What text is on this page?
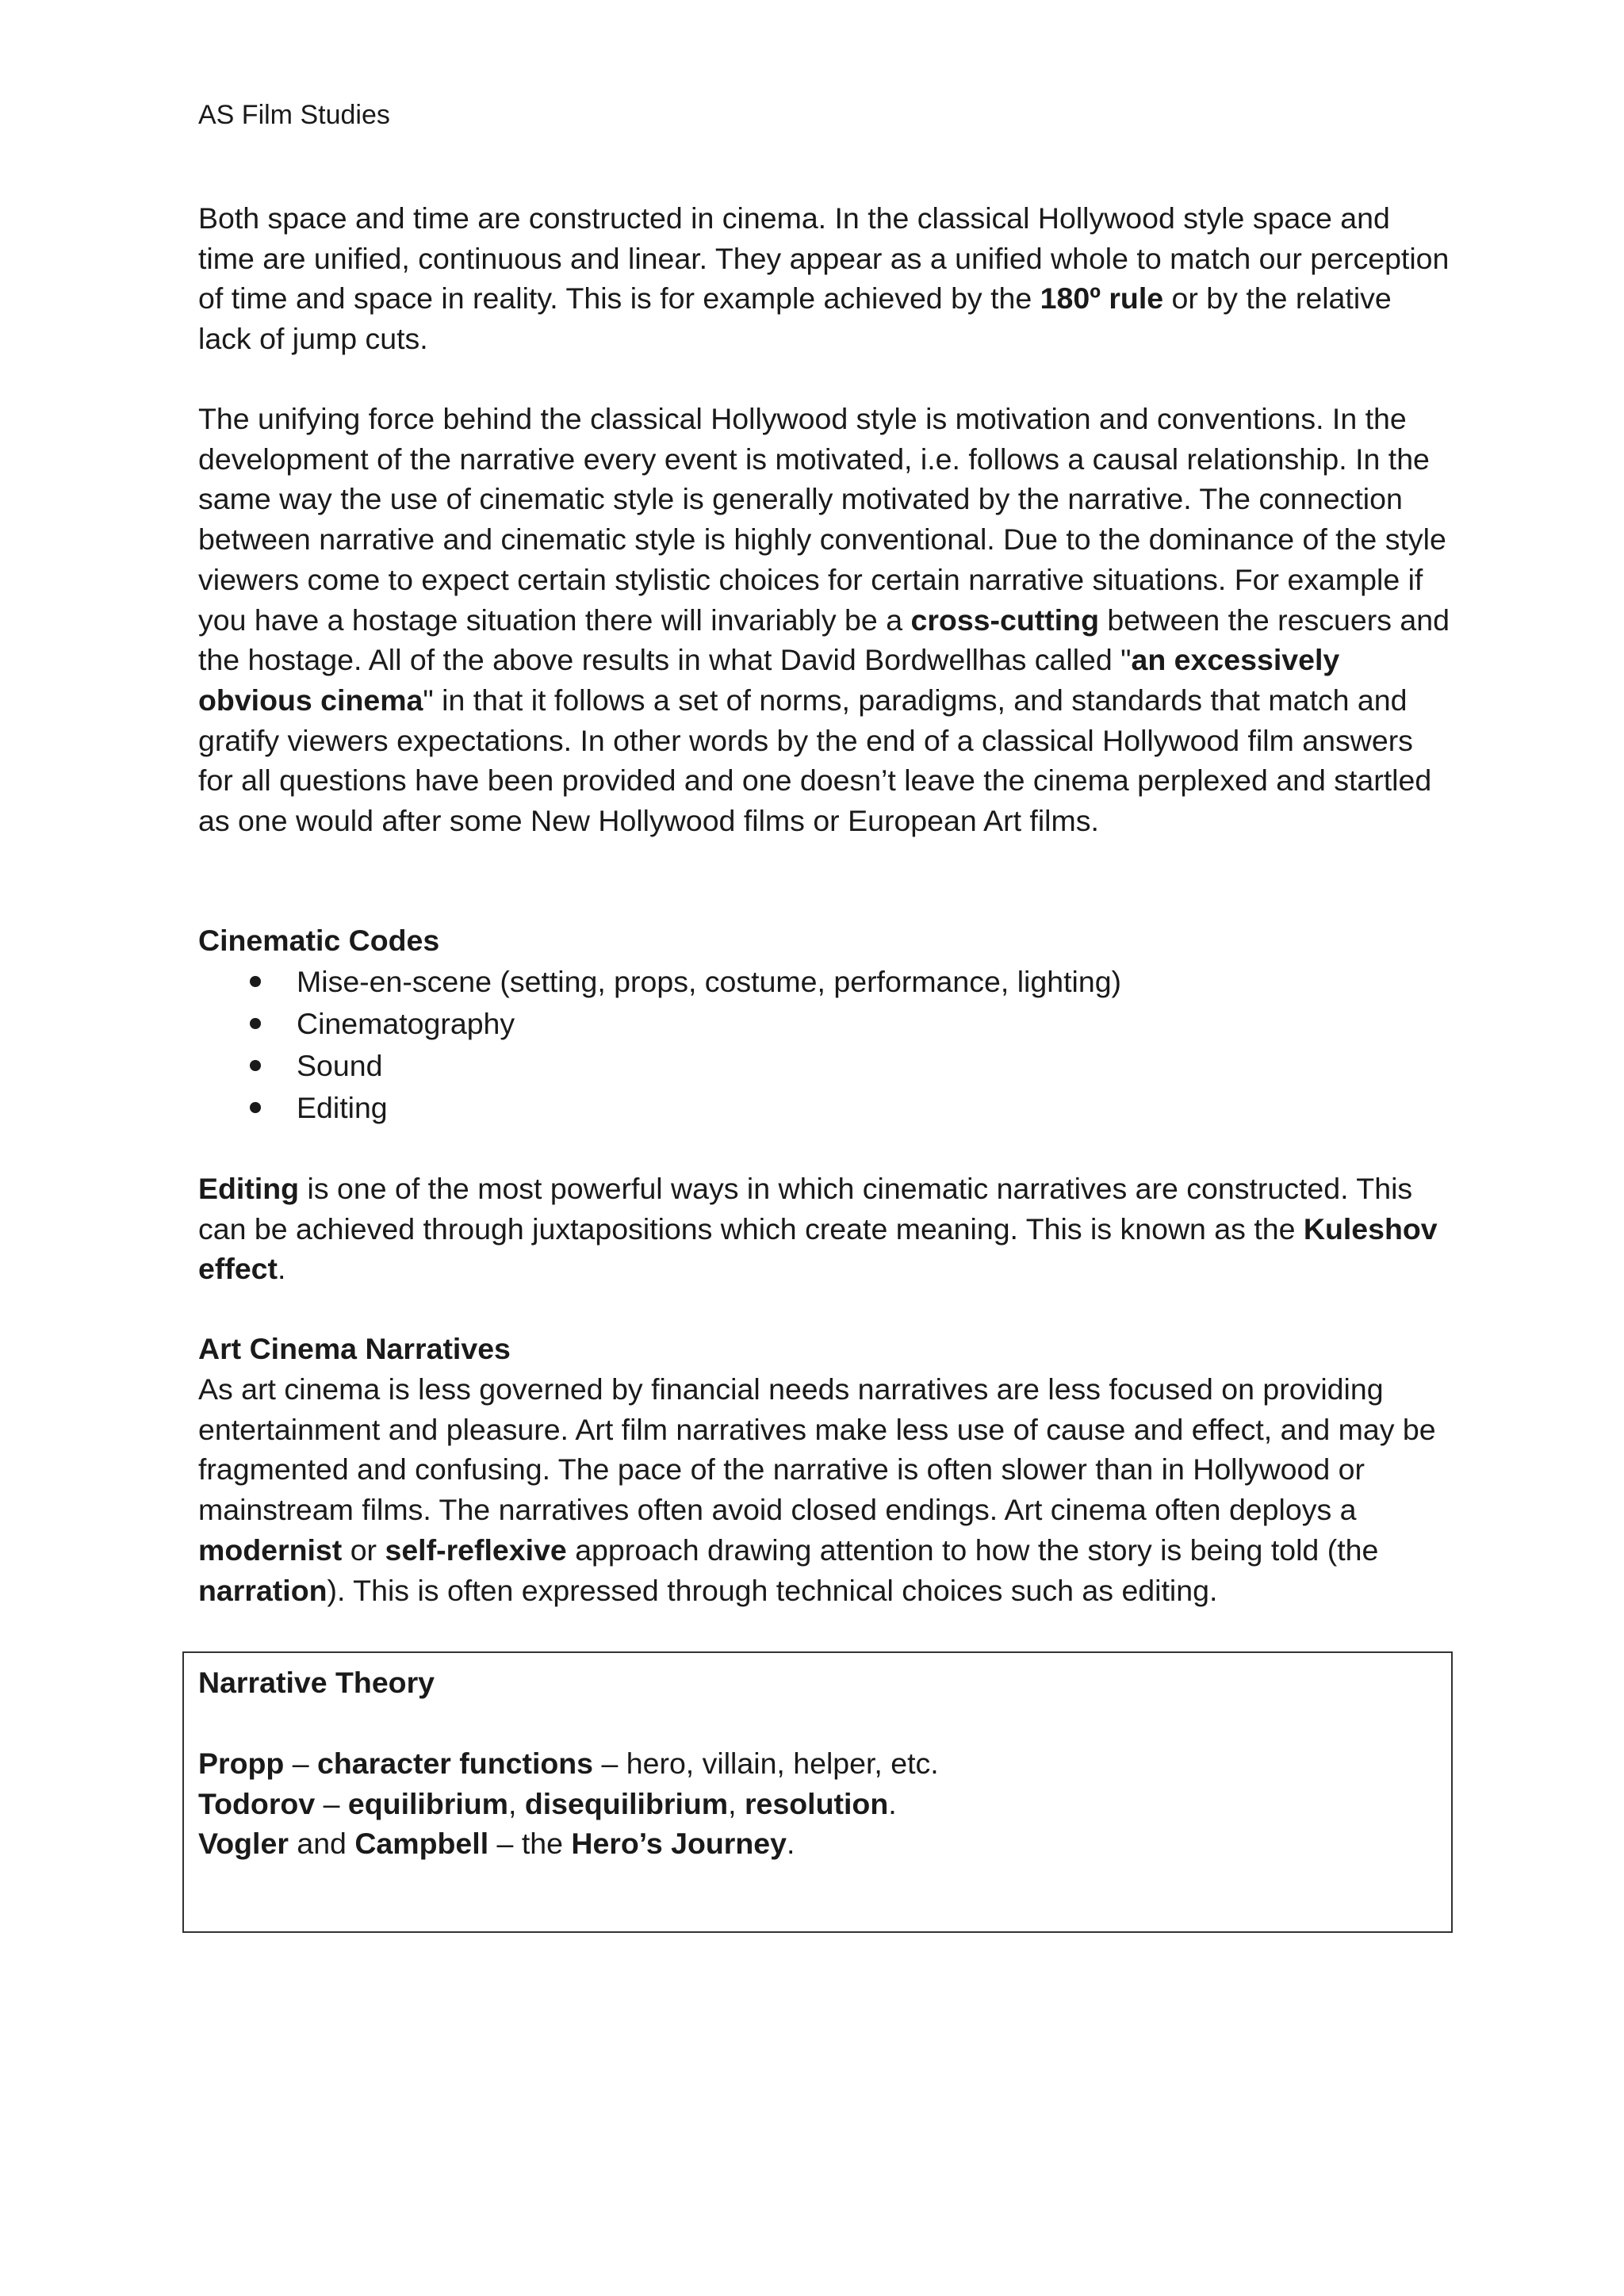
AS Film Studies

Both space and time are constructed in cinema. In the classical Hollywood style space and time are unified, continuous and linear. They appear as a unified whole to match our perception of time and space in reality. This is for example achieved by the 180º rule or by the relative lack of jump cuts.

The unifying force behind the classical Hollywood style is motivation and conventions. In the development of the narrative every event is motivated, i.e. follows a causal relationship. In the same way the use of cinematic style is generally motivated by the narrative. The connection between narrative and cinematic style is highly conventional. Due to the dominance of the style viewers come to expect certain stylistic choices for certain narrative situations. For example if you have a hostage situation there will invariably be a cross-cutting between the rescuers and the hostage. All of the above results in what David Bordwellhas called "an excessively obvious cinema" in that it follows a set of norms, paradigms, and standards that match and gratify viewers expectations. In other words by the end of a classical Hollywood film answers for all questions have been provided and one doesn’t leave the cinema perplexed and startled as one would after some New Hollywood films or European Art films.

Cinematic Codes

Mise-en-scene (setting, props, costume, performance, lighting)
Cinematography
Sound
Editing

Editing is one of the most powerful ways in which cinematic narratives are constructed. This can be achieved through juxtapositions which create meaning. This is known as the Kuleshov effect.

Art Cinema Narratives

As art cinema is less governed by financial needs narratives are less focused on providing entertainment and pleasure. Art film narratives make less use of cause and effect, and may be fragmented and confusing. The pace of the narrative is often slower than in Hollywood or mainstream films. The narratives often avoid closed endings. Art cinema often deploys a modernist or self-reflexive approach drawing attention to how the story is being told (the narration). This is often expressed through technical choices such as editing.

Narrative Theory
Propp – character functions – hero, villain, helper, etc.
Todorov – equilibrium, disequilibrium, resolution.
Vogler and Campbell – the Hero’s Journey.
